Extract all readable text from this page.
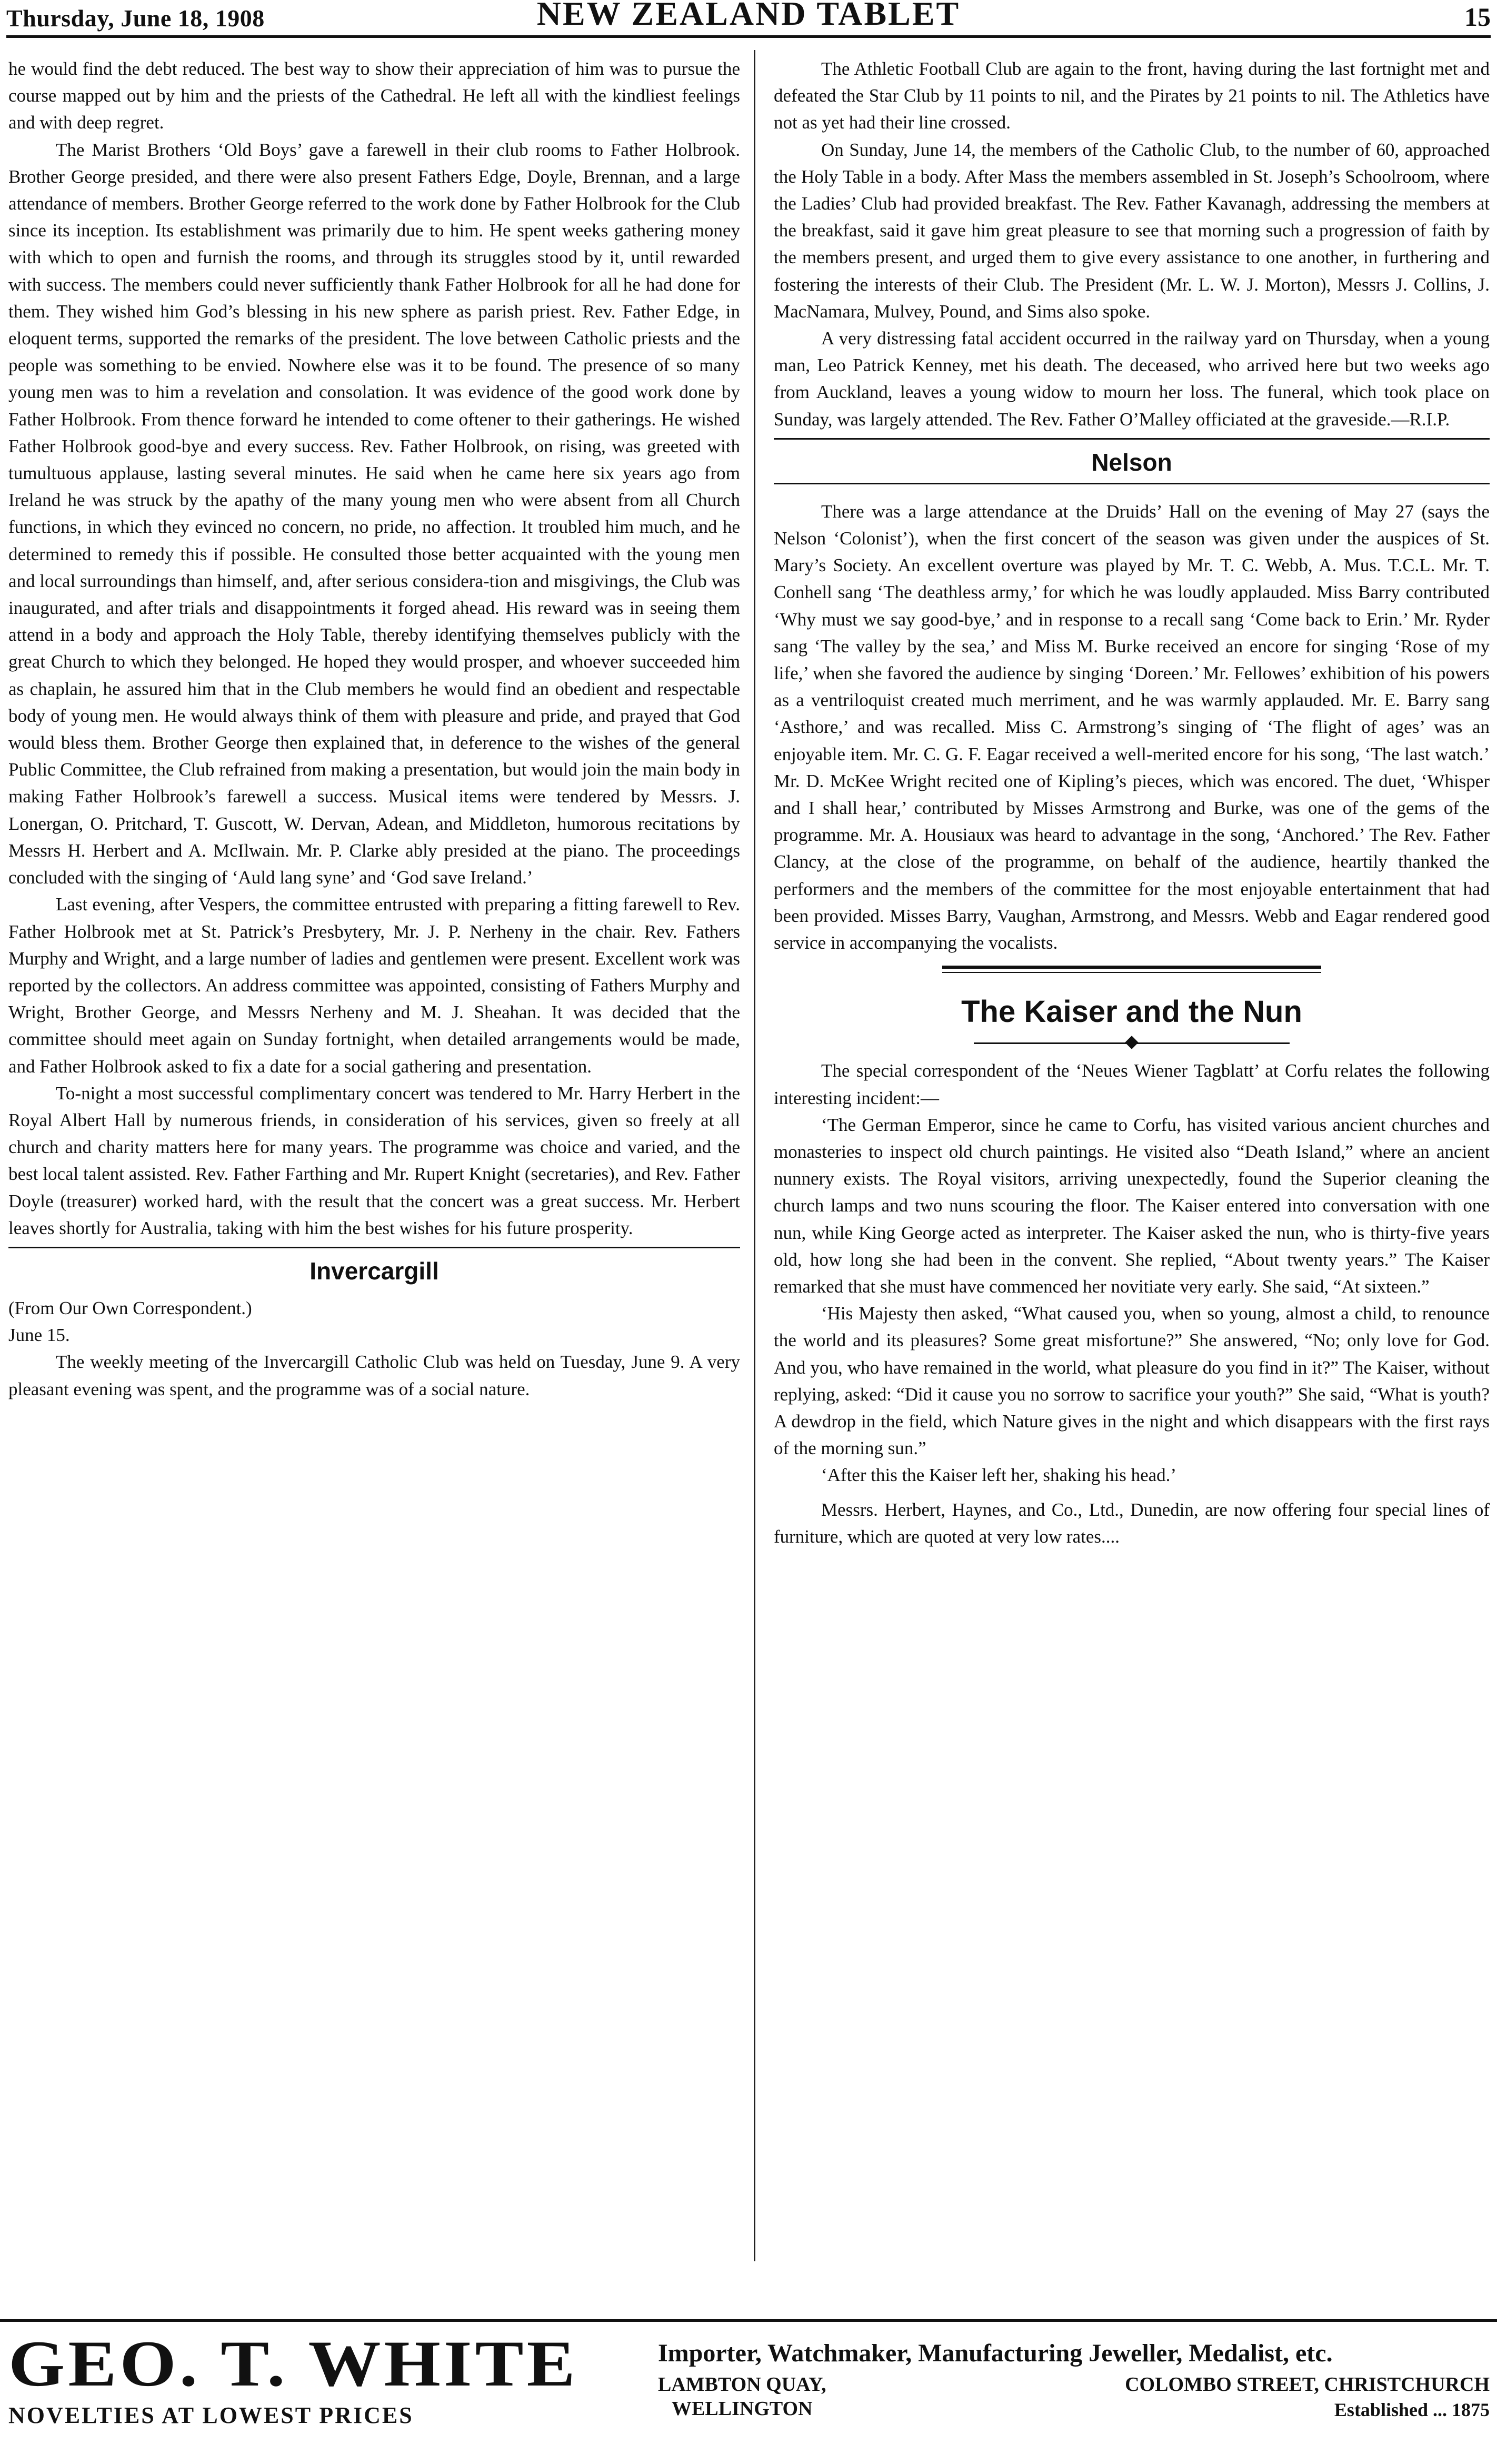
Thursday, June 18, 1908	NEW ZEALAND TABLET	15

he would find the debt reduced. The best way to show their appreciation of him was to pursue the course mapped out by him and the priests of the Cathedral. He left all with the kindliest feelings and with deep regret.

The Marist Brothers ‘Old Boys’ gave a farewell in their club rooms to Father Holbrook. Brother George presided, and there were also present Fathers Edge, Doyle, Brennan, and a large attendance of members. Brother George referred to the work done by Father Holbrook for the Club since its inception. Its establishment was primarily due to him. He spent weeks gathering money with which to open and furnish the rooms, and through its struggles stood by it, until rewarded with success. The members could never sufficiently thank Father Holbrook for all he had done for them. They wished him God’s blessing in his new sphere as parish priest. Rev. Father Edge, in eloquent terms, supported the remarks of the president. The love between Catholic priests and the people was something to be envied. Nowhere else was it to be found. The presence of so many young men was to him a revelation and consolation. It was evidence of the good work done by Father Holbrook. From thence forward he intended to come oftener to their gatherings. He wished Father Holbrook good-bye and every success. Rev. Father Holbrook, on rising, was greeted with tumultuous applause, lasting several minutes. He said when he came here six years ago from Ireland he was struck by the apathy of the many young men who were absent from all Church functions, in which they evinced no concern, no pride, no affection. It troubled him much, and he determined to remedy this if possible. He consulted those better acquainted with the young men and local surroundings than himself, and, after serious considera-tion and misgivings, the Club was inaugurated, and after trials and disappointments it forged ahead. His reward was in seeing them attend in a body and approach the Holy Table, thereby identifying themselves publicly with the great Church to which they belonged. He hoped they would prosper, and whoever succeeded him as chaplain, he assured him that in the Club members he would find an obedient and respectable body of young men. He would always think of them with pleasure and pride, and prayed that God would bless them. Brother George then explained that, in deference to the wishes of the general Public Committee, the Club refrained from making a presentation, but would join the main body in making Father Holbrook’s farewell a success. Musical items were tendered by Messrs. J. Lonergan, O. Pritchard, T. Guscott, W. Dervan, Adean, and Middleton, humorous recitations by Messrs H. Herbert and A. McIlwain. Mr. P. Clarke ably presided at the piano. The proceedings concluded with the singing of ‘Auld lang syne’ and ‘God save Ireland.’

Last evening, after Vespers, the committee entrusted with preparing a fitting farewell to Rev. Father Holbrook met at St. Patrick’s Presbytery, Mr. J. P. Nerheny in the chair. Rev. Fathers Murphy and Wright, and a large number of ladies and gentlemen were present. Excellent work was reported by the collectors. An address committee was appointed, consisting of Fathers Murphy and Wright, Brother George, and Messrs Nerheny and M. J. Sheahan. It was decided that the committee should meet again on Sunday fortnight, when detailed arrangements would be made, and Father Holbrook asked to fix a date for a social gathering and presentation.

To-night a most successful complimentary concert was tendered to Mr. Harry Herbert in the Royal Albert Hall by numerous friends, in consideration of his services, given so freely at all church and charity matters here for many years. The programme was choice and varied, and the best local talent assisted. Rev. Father Farthing and Mr. Rupert Knight (secretaries), and Rev. Father Doyle (treasurer) worked hard, with the result that the concert was a great success. Mr. Herbert leaves shortly for Australia, taking with him the best wishes for his future prosperity.

Invercargill

(From Our Own Correspondent.)

June 15.

The weekly meeting of the Invercargill Catholic Club was held on Tuesday, June 9. A very pleasant evening was spent, and the programme was of a social nature.

The Athletic Football Club are again to the front, having during the last fortnight met and defeated the Star Club by 11 points to nil, and the Pirates by 21 points to nil. The Athletics have not as yet had their line crossed.

On Sunday, June 14, the members of the Catholic Club, to the number of 60, approached the Holy Table in a body. After Mass the members assembled in St. Joseph’s Schoolroom, where the Ladies’ Club had provided breakfast. The Rev. Father Kavanagh, addressing the members at the breakfast, said it gave him great pleasure to see that morning such a progression of faith by the members present, and urged them to give every assistance to one another, in furthering and fostering the interests of their Club. The President (Mr. L. W. J. Morton), Messrs J. Collins, J. MacNamara, Mulvey, Pound, and Sims also spoke.

A very distressing fatal accident occurred in the railway yard on Thursday, when a young man, Leo Patrick Kenney, met his death. The deceased, who arrived here but two weeks ago from Auckland, leaves a young widow to mourn her loss. The funeral, which took place on Sunday, was largely attended. The Rev. Father O’Malley officiated at the graveside.—R.I.P.

Nelson

There was a large attendance at the Druids’ Hall on the evening of May 27 (says the Nelson ‘Colonist’), when the first concert of the season was given under the auspices of St. Mary’s Society. An excellent overture was played by Mr. T. C. Webb, A. Mus. T.C.L. Mr. T. Conhell sang ‘The deathless army,’ for which he was loudly applauded. Miss Barry contributed ‘Why must we say good-bye,’ and in response to a recall sang ‘Come back to Erin.’ Mr. Ryder sang ‘The valley by the sea,’ and Miss M. Burke received an encore for singing ‘Rose of my life,’ when she favored the audience by singing ‘Doreen.’ Mr. Fellowes’ exhibition of his powers as a ventriloquist created much merriment, and he was warmly applauded. Mr. E. Barry sang ‘Asthore,’ and was recalled. Miss C. Armstrong’s singing of ‘The flight of ages’ was an enjoyable item. Mr. C. G. F. Eagar received a well-merited encore for his song, ‘The last watch.’ Mr. D. McKee Wright recited one of Kipling’s pieces, which was encored. The duet, ‘Whisper and I shall hear,’ contributed by Misses Armstrong and Burke, was one of the gems of the programme. Mr. A. Housiaux was heard to advantage in the song, ‘Anchored.’ The Rev. Father Clancy, at the close of the programme, on behalf of the audience, heartily thanked the performers and the members of the committee for the most enjoyable entertainment that had been provided. Misses Barry, Vaughan, Armstrong, and Messrs. Webb and Eagar rendered good service in accompanying the vocalists.

The Kaiser and the Nun

The special correspondent of the ‘Neues Wiener Tagblatt’ at Corfu relates the following interesting incident:—

‘The German Emperor, since he came to Corfu, has visited various ancient churches and monasteries to inspect old church paintings. He visited also “Death Island,” where an ancient nunnery exists. The Royal visitors, arriving unexpectedly, found the Superior cleaning the church lamps and two nuns scouring the floor. The Kaiser entered into conversation with one nun, while King George acted as interpreter. The Kaiser asked the nun, who is thirty-five years old, how long she had been in the convent. She replied, “About twenty years.” The Kaiser remarked that she must have commenced her novitiate very early. She said, “At sixteen.”

‘His Majesty then asked, “What caused you, when so young, almost a child, to renounce the world and its pleasures? Some great misfortune?” She answered, “No; only love for God. And you, who have remained in the world, what pleasure do you find in it?” The Kaiser, without replying, asked: “Did it cause you no sorrow to sacrifice your youth?” She said, “What is youth? A dewdrop in the field, which Nature gives in the night and which disappears with the first rays of the morning sun.”

‘After this the Kaiser left her, shaking his head.’

Messrs. Herbert, Haynes, and Co., Ltd., Dunedin, are now offering four special lines of furniture, which are quoted at very low rates....

GEO. T. WHITE
NOVELTIES AT LOWEST PRICES
Importer, Watchmaker, Manufacturing Jeweller, Medalist, etc.
LAMBTON QUAY,
WELLINGTON
COLOMBO STREET, CHRISTCHURCH
Established ... 1875
